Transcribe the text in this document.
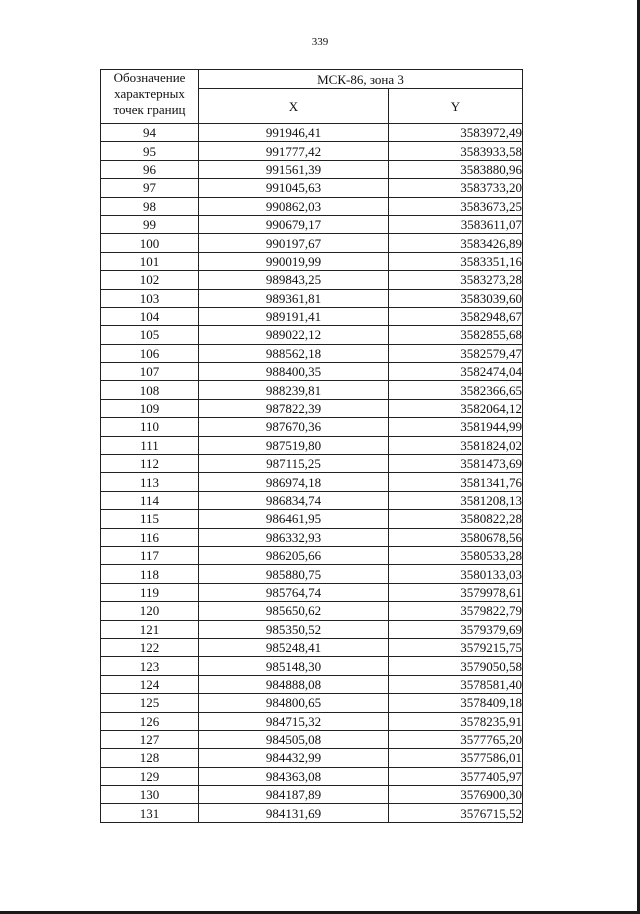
339
Обозначение характерных точек границ	МСК-86, зона 3	
	X	Y
94	991946,41	3583972,49
95	991777,42	3583933,58
96	991561,39	3583880,96
97	991045,63	3583733,20
98	990862,03	3583673,25
99	990679,17	3583611,07
100	990197,67	3583426,89
101	990019,99	3583351,16
102	989843,25	3583273,28
103	989361,81	3583039,60
104	989191,41	3582948,67
105	989022,12	3582855,68
106	988562,18	3582579,47
107	988400,35	3582474,04
108	988239,81	3582366,65
109	987822,39	3582064,12
110	987670,36	3581944,99
111	987519,80	3581824,02
112	987115,25	3581473,69
113	986974,18	3581341,76
114	986834,74	3581208,13
115	986461,95	3580822,28
116	986332,93	3580678,56
117	986205,66	3580533,28
118	985880,75	3580133,03
119	985764,74	3579978,61
120	985650,62	3579822,79
121	985350,52	3579379,69
122	985248,41	3579215,75
123	985148,30	3579050,58
124	984888,08	3578581,40
125	984800,65	3578409,18
126	984715,32	3578235,91
127	984505,08	3577765,20
128	984432,99	3577586,01
129	984363,08	3577405,97
130	984187,89	3576900,30
131	984131,69	3576715,52
